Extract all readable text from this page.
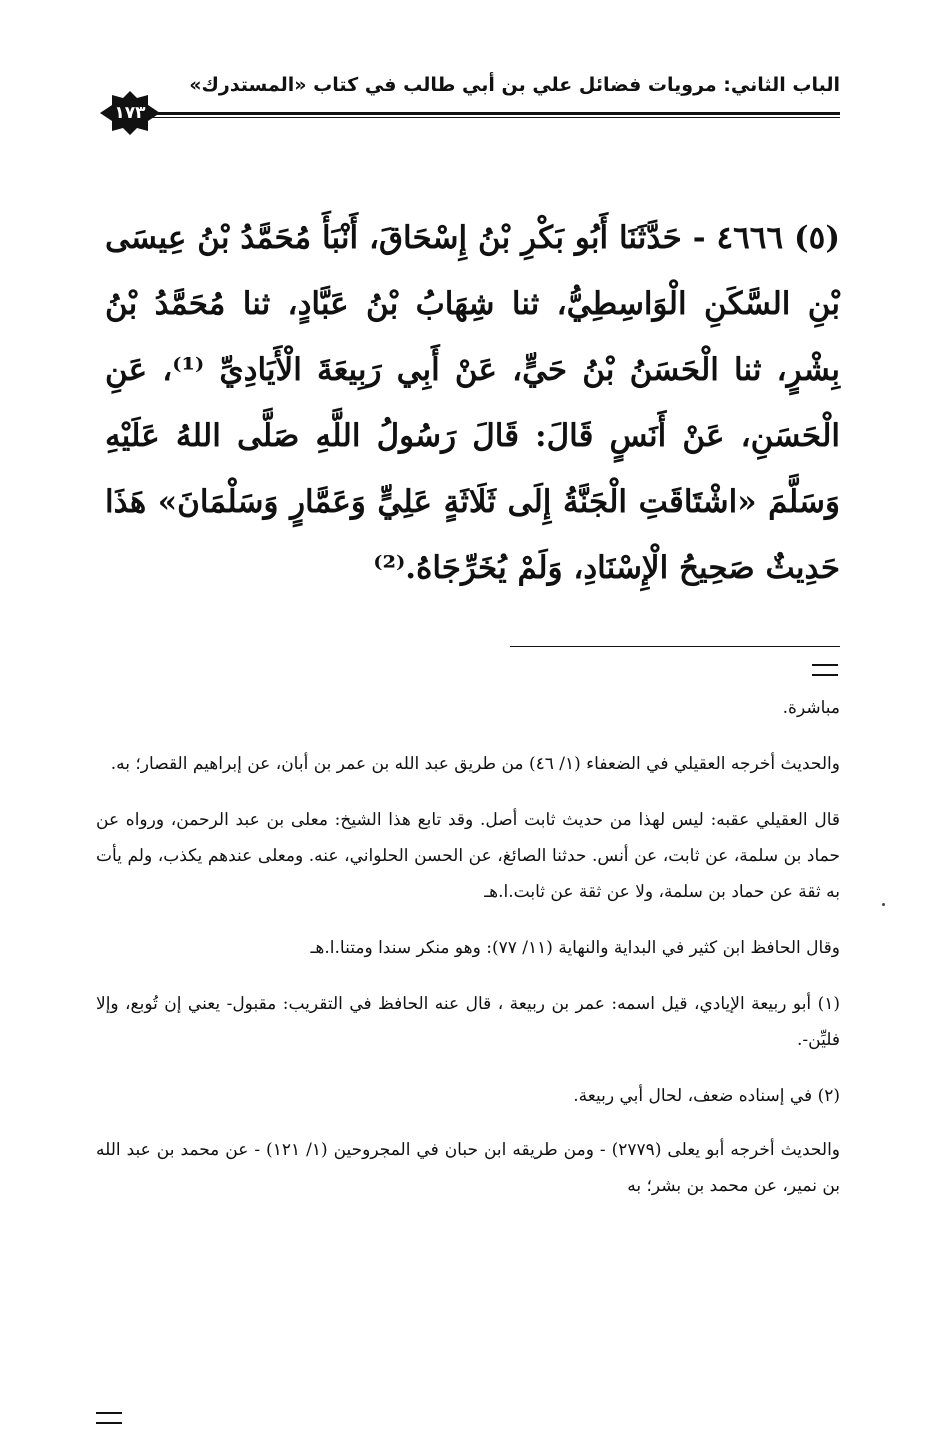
الباب الثاني: مرويات فضائل علي بن أبي طالب في كتاب «المستدرك»
١٧٣
(٥) ٤٦٦٦ - حَدَّثَنَا أَبُو بَكْرِ بْنُ إِسْحَاقَ، أَنْبَأَ مُحَمَّدُ بْنُ عِيسَى بْنِ السَّكَنِ الْوَاسِطِيُّ، ثنا شِهَابُ بْنُ عَبَّادٍ، ثنا مُحَمَّدُ بْنُ بِشْرٍ، ثنا الْحَسَنُ بْنُ حَيٍّ، عَنْ أَبِي رَبِيعَةَ الْأَيَادِيِّ ⁽¹⁾، عَنِ الْحَسَنِ، عَنْ أَنَسٍ قَالَ: قَالَ رَسُولُ اللَّهِ صَلَّى اللهُ عَلَيْهِ وَسَلَّمَ «اشْتَاقَتِ الْجَنَّةُ إِلَى ثَلَاثَةٍ عَلِيٍّ وَعَمَّارٍ وَسَلْمَانَ» هَذَا حَدِيثٌ صَحِيحُ الْإِسْنَادِ، وَلَمْ يُخَرِّجَاهُ.⁽²⁾

مباشرة.

والحديث أخرجه العقيلي في الضعفاء (١/ ٤٦) من طريق عبد الله بن عمر بن أبان، عن إبراهيم القصار؛ به.

قال العقيلي عقبه: ليس لهذا من حديث ثابت أصل. وقد تابع هذا الشيخ: معلى بن عبد الرحمن، ورواه عن حماد بن سلمة، عن ثابت، عن أنس. حدثنا الصائغ، عن الحسن الحلواني، عنه. ومعلى عندهم يكذب، ولم يأت به ثقة عن حماد بن سلمة، ولا عن ثقة عن ثابت.ا.هـ

وقال الحافظ ابن كثير في البداية والنهاية (١١/ ٧٧): وهو منكر سندا ومتنا.ا.هـ

(١) أبو ربيعة الإيادي، قيل اسمه: عمر بن ربيعة ، قال عنه الحافظ في التقريب: مقبول- يعني إن تُوبع، وإلا فليِّن-.

(٢) في إسناده ضعف، لحال أبي ربيعة.

والحديث أخرجه أبو يعلى (٢٧٧٩) - ومن طريقه ابن حبان في المجروحين (١/ ١٢١) - عن محمد بن عبد الله بن نمير، عن محمد بن بشر؛ به
